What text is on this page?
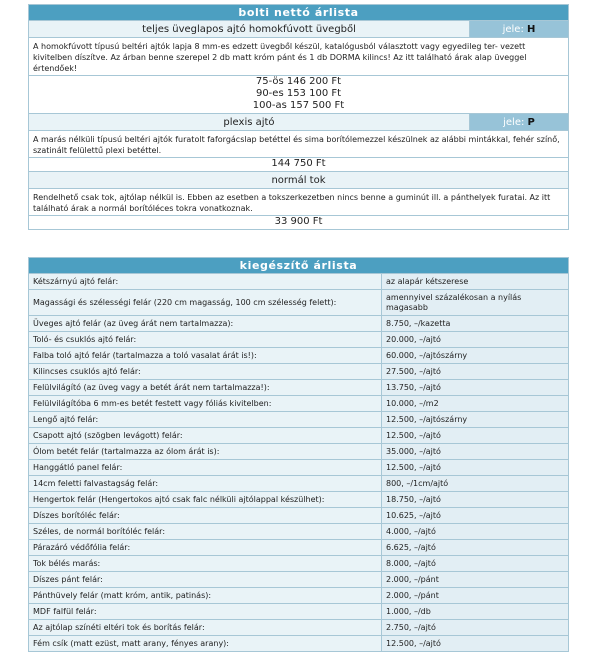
bolti nettó árlista	
teljes üveglapos ajtó homokfúvott üvegből	jele: H
A homokfúvott típusú beltéri ajtók lapja 8 mm-es edzett üvegből készül, katalógusból választott vagy egyedileg ter- vezett kivitelben díszítve. Az árban benne szerepel 2 db matt króm pánt és 1 db DORMA kilincs! Az itt található árak alap üveggel értendőek!	

75-ös 146 200 Ft
90-es 153 100 Ft
100-as 157 500 Ft	

plexis ajtó	jele: P
A marás nélküli típusú beltéri ajtók furatolt faforgácslap betéttel és sima borítólemezzel készülnek az alábbi mintákkal, fehér színő, szatinált felülettű plexi betéttel.	
144 750 Ft	
normál tok	
Rendelhető csak tok, ajtólap nélkül is. Ebben az esetben a tokszerkezetben nincs benne a guminút ill. a pánthelyek furatai. Az itt található árak a normál borítóléces tokra vonatkoznak.	
33 900 Ft	
kiegészítő árlista	
Kétszárnyú ajtó felár:	az alapár kétszerese
Magassági és szélességi felár (220 cm magasság, 100 cm szélesség felett):	amennyivel százalékosan a nyílás magasabb
Üveges ajtó felár (az üveg árát nem tartalmazza):	8.750, –/kazetta
Toló- és csuklós ajtó felár:	20.000, –/ajtó
Falba toló ajtó felár (tartalmazza a toló vasalat árát is!):	60.000, –/ajtószárny
Kilincses csuklós ajtó felár:	27.500, –/ajtó
Felülvilágító (az üveg vagy a betét árát nem tartalmazza!):	13.750, –/ajtó
Felülvilágítóba 6 mm-es betét festett vagy fóliás kivitelben:	10.000, –/m2
Lengő ajtó felár:	12.500, –/ajtószárny
Csapott ajtó (szögben levágott) felár:	12.500, –/ajtó
Ólom betét felár (tartalmazza az ólom árát is):	35.000, –/ajtó
Hanggátló panel felár:	12.500, –/ajtó
14cm feletti falvastagság felár:	800, –/1cm/ajtó
Hengertok felár (Hengertokos ajtó csak falc nélküli ajtólappal készülhet):	18.750, –/ajtó
Díszes borítóléc felár:	10.625, –/ajtó
Széles, de normál borítóléc felár:	4.000, –/ajtó
Párazáró védőfólia felár:	6.625, –/ajtó
Tok bélés marás:	8.000, –/ajtó
Díszes pánt felár:	2.000, –/pánt
Pánthüvely felár (matt króm, antik, patinás):	2.000, –/pánt
MDF falfül felár:	1.000, –/db
Az ajtólap színéti eltéri tok és borítás felár:	2.750, –/ajtó
Fém csík (matt ezüst, matt arany, fényes arany):	12.500, –/ajtó
